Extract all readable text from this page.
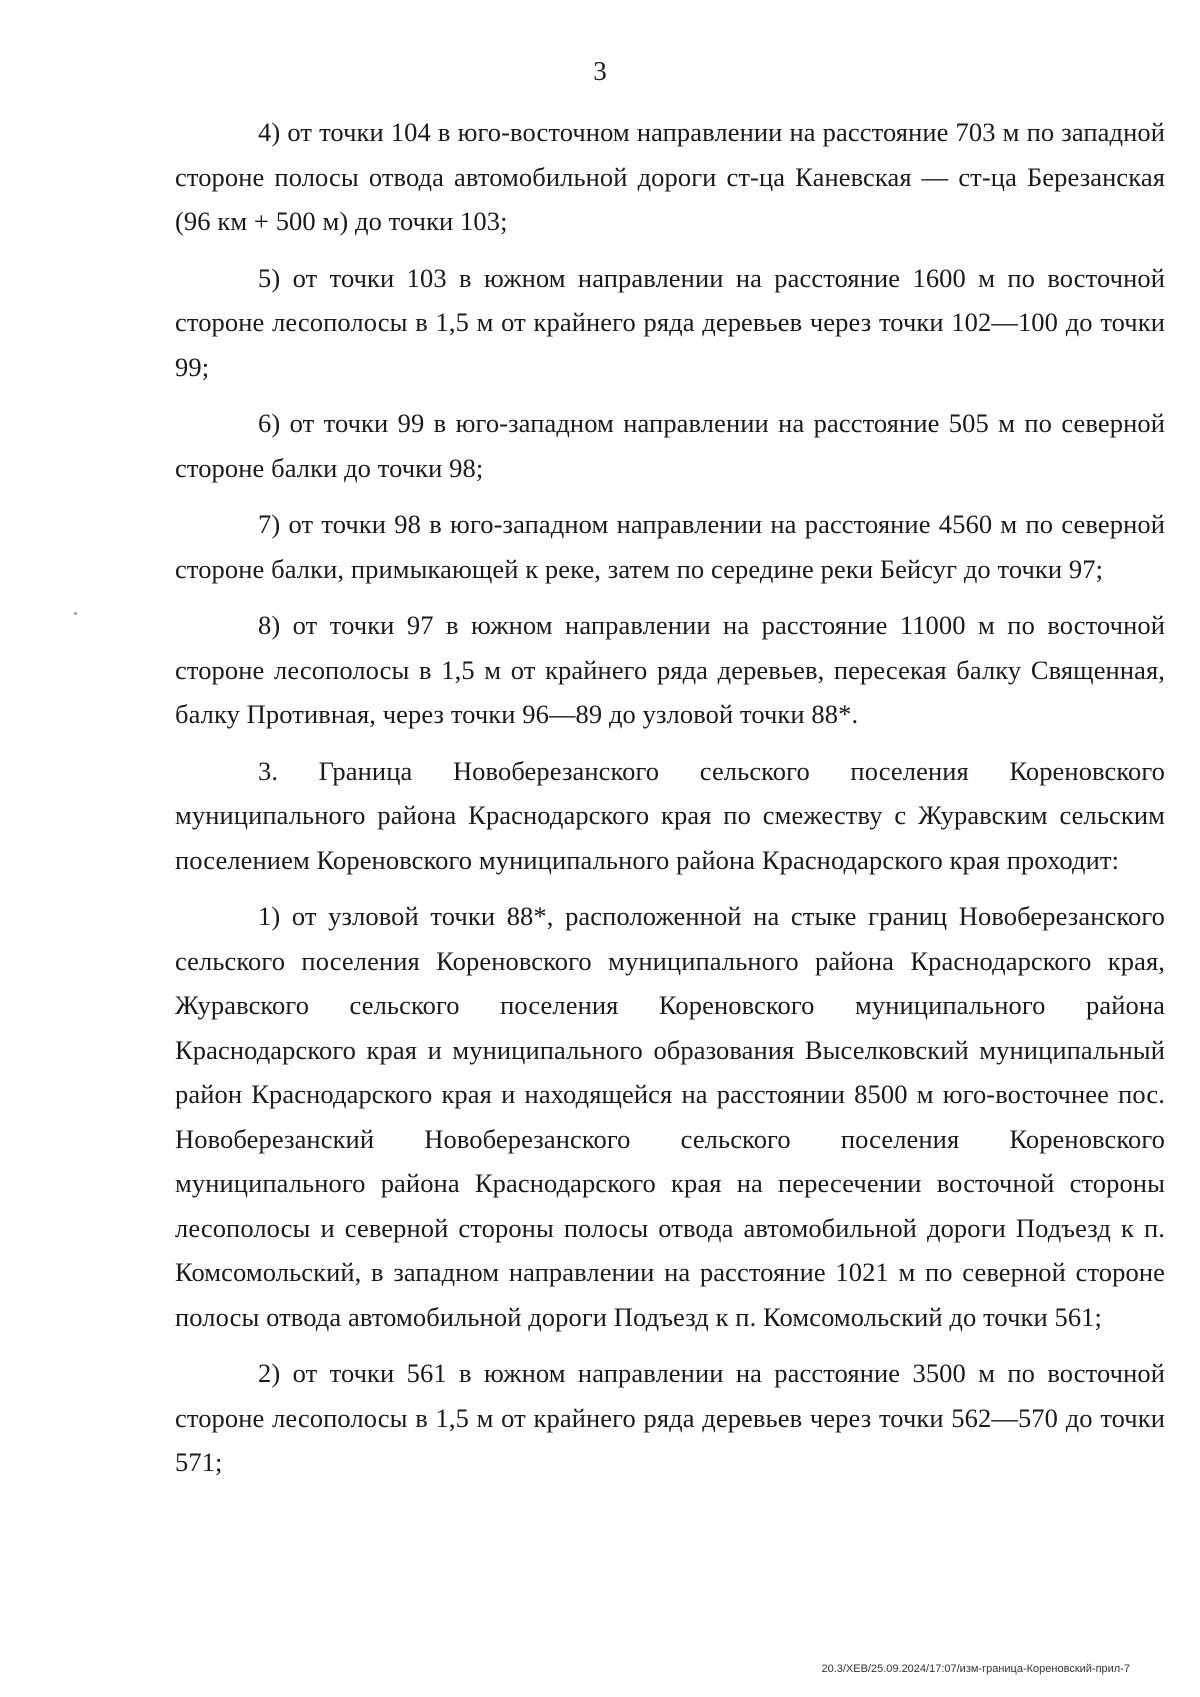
3

4) от точки 104 в юго-восточном направлении на расстояние 703 м по западной стороне полосы отвода автомобильной дороги ст-ца Каневская — ст-ца Березанская (96 км + 500 м) до точки 103;

5) от точки 103 в южном направлении на расстояние 1600 м по восточной стороне лесополосы в 1,5 м от крайнего ряда деревьев через точки 102—100 до точки 99;

6) от точки 99 в юго-западном направлении на расстояние 505 м по северной стороне балки до точки 98;

7) от точки 98 в юго-западном направлении на расстояние 4560 м по северной стороне балки, примыкающей к реке, затем по середине реки Бейсуг до точки 97;

8) от точки 97 в южном направлении на расстояние 11000 м по восточной стороне лесополосы в 1,5 м от крайнего ряда деревьев, пересекая балку Священная, балку Противная, через точки 96—89 до узловой точки 88*.

3. Граница Новоберезанского сельского поселения Кореновского муниципального района Краснодарского края по смежеству с Журавским сельским поселением Кореновского муниципального района Краснодарского края проходит:

1) от узловой точки 88*, расположенной на стыке границ Новоберезанского сельского поселения Кореновского муниципального района Краснодарского края, Журавского сельского поселения Кореновского муниципального района Краснодарского края и муниципального образования Выселковский муниципальный район Краснодарского края и находящейся на расстоянии 8500 м юго-восточнее пос. Новоберезанский Новоберезанского сельского поселения Кореновского муниципального района Краснодарского края на пересечении восточной стороны лесополосы и северной стороны полосы отвода автомобильной дороги Подъезд к п. Комсомольский, в западном направлении на расстояние 1021 м по северной стороне полосы отвода автомобильной дороги Подъезд к п. Комсомольский до точки 561;

2) от точки 561 в южном направлении на расстояние 3500 м по восточной стороне лесополосы в 1,5 м от крайнего ряда деревьев через точки 562—570 до точки 571;

20.3/ХЕВ/25.09.2024/17:07/изм-граница-Кореновский-прил-7
